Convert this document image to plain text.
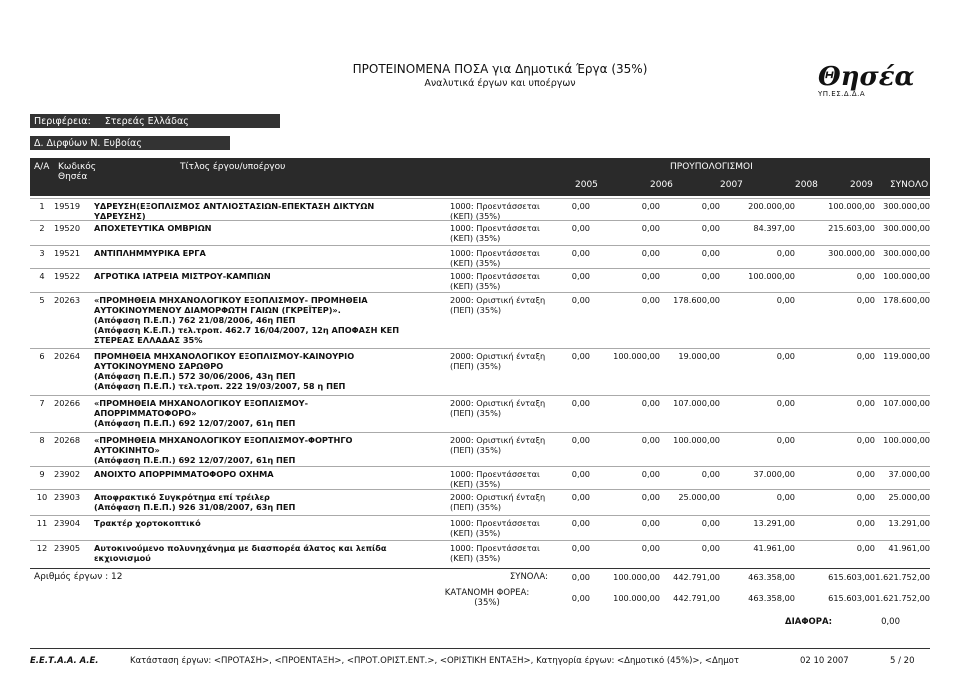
ΠΡΟΤΕΙΝΟΜΕΝΑ ΠΟΣΑ για Δημοτικά Έργα (35%)
Αναλυτικά έργων και υποέργων	Θησέα
ΥΠ.ΕΣ.Δ.Δ.Α
Περιφέρεια: Στερεάς Ελλάδας
Δ. Διρφύων Ν. Ευβοίας
Α/Α Κωδικός Θησέα
Τίτλος έργου/υποέργου	ΠΡΟΥΠΟΛΟΓΙΣΜΟΙ
2005	2006	2007	2008	2009 ΣΥΝΟΛΟ
1	19519	ΥΔΡΕΥΣΗ(ΕΞΟΠΛΙΣΜΟΣ ΑΝΤΛΙΟΣΤΑΣΙΩΝ-ΕΠΕΚΤΑΣΗ ΔΙΚΤΥΩΝ
ΥΔΡΕΥΣΗΣ)
1000: Προεντάσσεται
(ΚΕΠ) (35%)
0,00	0,00	0,00	200.000,00	100.000,00 300.000,00
2	19520	ΑΠΟΧΕΤΕΥΤΙΚΑ ΟΜΒΡΙΩΝ	1000: Προεντάσσεται
(ΚΕΠ) (35%)
0,00	0,00	0,00	84.397,00	215.603,00 300.000,00
3	19521	ΑΝΤΙΠΛΗΜΜΥΡΙΚΑ ΕΡΓΑ	1000: Προεντάσσεται
(ΚΕΠ) (35%)
0,00	0,00	0,00	0,00	300.000,00 300.000,00
4	19522	ΑΓΡΟΤΙΚΑ ΙΑΤΡΕΙΑ ΜΙΣΤΡΟΥ-ΚΑΜΠΙΩΝ	1000: Προεντάσσεται
(ΚΕΠ) (35%)
0,00	0,00	0,00	100.000,00	0,00 100.000,00
5	20263	«ΠΡΟΜΗΘΕΙΑ ΜΗΧΑΝΟΛΟΓΙΚΟΥ ΕΞΟΠΛΙΣΜΟΥ- ΠΡΟΜΗΘΕΙΑ
ΑΥΤΟΚΙΝΟΥΜΕΝΟΥ ΔΙΑΜΟΡΦΩΤΗ ΓΑΙΩΝ (ΓΚΡΕΪΤΕΡ)».
(Απόφαση Π.Ε.Π.) 762 21/08/2006, 46η ΠΕΠ
(Απόφαση Κ.Ε.Π.) τελ.τροπ. 462.7 16/04/2007, 12η ΑΠΟΦΑΣΗ ΚΕΠ
ΣΤΕΡΕΑΣ ΕΛΛΑΔΑΣ 35%
2000: Οριστική ένταξη
(ΠΕΠ) (35%)
0,00	0,00	178.600,00	0,00	0,00 178.600,00
6	20264	ΠΡΟΜΗΘΕΙΑ ΜΗΧΑΝΟΛΟΓΙΚΟΥ ΕΞΟΠΛΙΣΜΟΥ-ΚΑΙΝΟΥΡΙΟ
ΑΥΤΟΚΙΝΟΥΜΕΝΟ ΣΑΡΩΘΡΟ
(Απόφαση Π.Ε.Π.) 572 30/06/2006, 43η ΠΕΠ
(Απόφαση Π.Ε.Π.) τελ.τροπ. 222 19/03/2007, 58 η ΠΕΠ
2000: Οριστική ένταξη
(ΠΕΠ) (35%)
0,00	100.000,00	19.000,00	0,00	0,00 119.000,00
7	20266	«ΠΡΟΜΗΘΕΙΑ ΜΗΧΑΝΟΛΟΓΙΚΟΥ ΕΞΟΠΛΙΣΜΟΥ-
ΑΠΟΡΡΙΜΜΑΤΟΦΟΡΟ»
(Απόφαση Π.Ε.Π.) 692 12/07/2007, 61η ΠΕΠ
2000: Οριστική ένταξη
(ΠΕΠ) (35%)
0,00	0,00	107.000,00	0,00	0,00 107.000,00
8	20268	«ΠΡΟΜΗΘΕΙΑ ΜΗΧΑΝΟΛΟΓΙΚΟΥ ΕΞΟΠΛΙΣΜΟΥ-ΦΟΡΤΗΓΟ
ΑΥΤΟΚΙΝΗΤΟ»
(Απόφαση Π.Ε.Π.) 692 12/07/2007, 61η ΠΕΠ
2000: Οριστική ένταξη
(ΠΕΠ) (35%)
0,00	0,00	100.000,00	0,00	0,00 100.000,00
9	23902	ΑΝΟΙΧΤΟ ΑΠΟΡΡΙΜΜΑΤΟΦΟΡΟ ΟΧΗΜΑ	1000: Προεντάσσεται
(ΚΕΠ) (35%)
0,00	0,00	0,00	37.000,00	0,00	37.000,00
10 23903	Αποφρακτικό Συγκρότημα επί τρέιλερ
(Απόφαση Π.Ε.Π.) 926 31/08/2007, 63η ΠΕΠ
2000: Οριστική ένταξη
(ΠΕΠ) (35%)
0,00	0,00	25.000,00	0,00	0,00	25.000,00
11 23904	Τρακτέρ χορτοκοπτικό	1000: Προεντάσσεται
(ΚΕΠ) (35%)
0,00	0,00	0,00	13.291,00	0,00	13.291,00
12 23905	Αυτοκινούμενο πολυνηχάνημα με διασπορέα άλατος και λεπίδα
εκχιονισμού
1000: Προεντάσσεται
(ΚΕΠ) (35%)
0,00	0,00	0,00	41.961,00	0,00	41.961,00
Αριθμός έργων : 12	ΣΥΝΟΛΑ:	0,00	100.000,00	442.791,00	463.358,00	615.603,00 1.621.752,00
ΚΑΤΑΝΟΜΗ ΦΟΡΕΑ: (35%)	0,00	100.000,00	442.791,00	463.358,00	615.603,00 1.621.752,00
ΔΙΑΦΟΡΑ:	0,00
Ε.Ε.Τ.Α.Α. Α.Ε.	Κατάσταση έργων: <ΠΡΟΤΑΣΗ>, <ΠΡΟΕΝΤΑΞΗ>, <ΠΡΟΤ.ΟΡΙΣΤ.ΕΝΤ.>, <ΟΡΙΣΤΙΚΗ ΕΝΤΑΞΗ>, Κατηγορία έργων: <Δημοτικό (45%)>, <Δημοτ	02 10 2007	5 / 20
